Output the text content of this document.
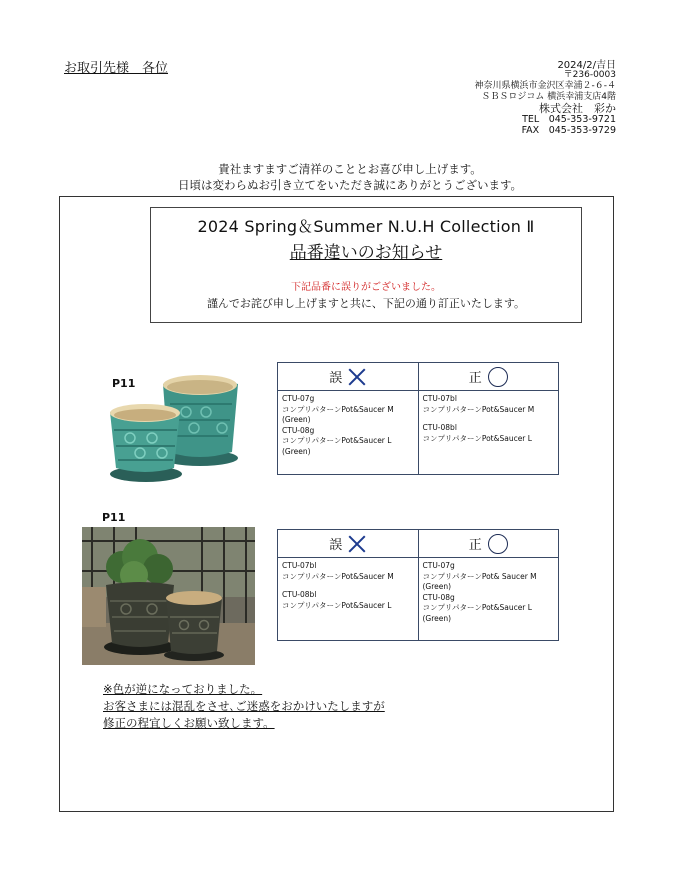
お取引先様　各位	2024/2/吉日
〒236-0003
神奈川県横浜市金沢区幸浦２-６-４
ＳＢＳロジコム 横浜幸浦支店4階
株式会社　彩か
TEL　045-353-9721
FAX　045-353-9729
貴社ますますご清祥のこととお喜び申し上げます。
日頃は変わらぬお引き立てをいただき誠にありがとうございます。
2024 Spring＆Summer N.U.H Collection Ⅱ
品番違いのお知らせ
下記品番に誤りがございました。
謹んでお詫び申し上げますと共に、下記の通り訂正いたします。
P11	誤
CTU-07g
コンプリパターンPot&Saucer M
(Green)
CTU-08g
コンプリパターンPot&Saucer L
(Green)
正
CTU-07bl
コンプリパターンPot&Saucer M
CTU-08bl
コンプリパターンPot&Saucer L
P11
誤
CTU-07bl
コンプリパターンPot&Saucer M
CTU-08bl
コンプリパターンPot&Saucer L
正
CTU-07g
コンプリパターンPot& Saucer M
(Green)
CTU-08g
コンプリパターンPot&Saucer L
(Green)
※色が逆になっておりました。
お客さまには混乱をさせ､ご迷惑をおかけいたしますが
修正の程宜しくお願い致します。
